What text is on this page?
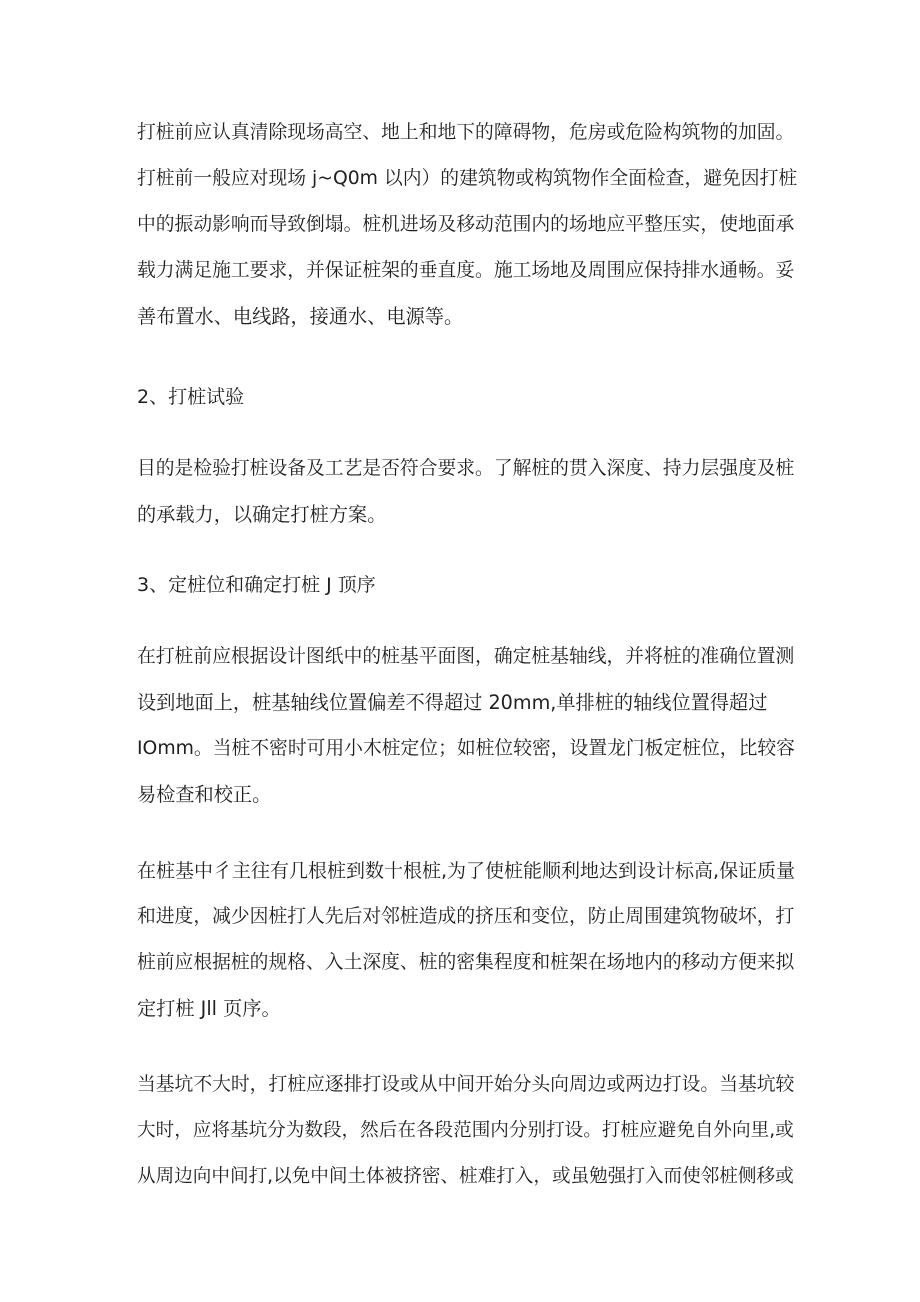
打桩前应认真清除现场高空、地上和地下的障碍物，危房或危险构筑物的加固。
打桩前一般应对现场 j~Q0m 以内）的建筑物或构筑物作全面检查，避免因打桩
中的振动影响而导致倒塌。桩机进场及移动范围内的场地应平整压实，使地面承
载力满足施工要求，并保证桩架的垂直度。施工场地及周围应保持排水通畅。妥
善布置水、电线路，接通水、电源等。
2、打桩试验
目的是检验打桩设备及工艺是否符合要求。了解桩的贯入深度、持力层强度及桩
的承载力，以确定打桩方案。
3、定桩位和确定打桩 J 顶序
在打桩前应根据设计图纸中的桩基平面图，确定桩基轴线，并将桩的准确位置测
设到地面上，桩基轴线位置偏差不得超过 20mm,单排桩的轴线位置得超过
IOmm。当桩不密时可用小木桩定位；如桩位较密，设置龙门板定桩位，比较容
易检查和校正。
在桩基中彳主往有几根桩到数十根桩,为了使桩能顺利地达到设计标高,保证质量
和进度，减少因桩打人先后对邻桩造成的挤压和变位，防止周围建筑物破坏，打
桩前应根据桩的规格、入土深度、桩的密集程度和桩架在场地内的移动方便来拟
定打桩 Jll 页序。
当基坑不大时，打桩应逐排打设或从中间开始分头向周边或两边打设。当基坑较
大时，应将基坑分为数段，然后在各段范围内分别打设。打桩应避免自外向里,或
从周边向中间打,以免中间土体被挤密、桩难打入，或虽勉强打入而使邻桩侧移或
